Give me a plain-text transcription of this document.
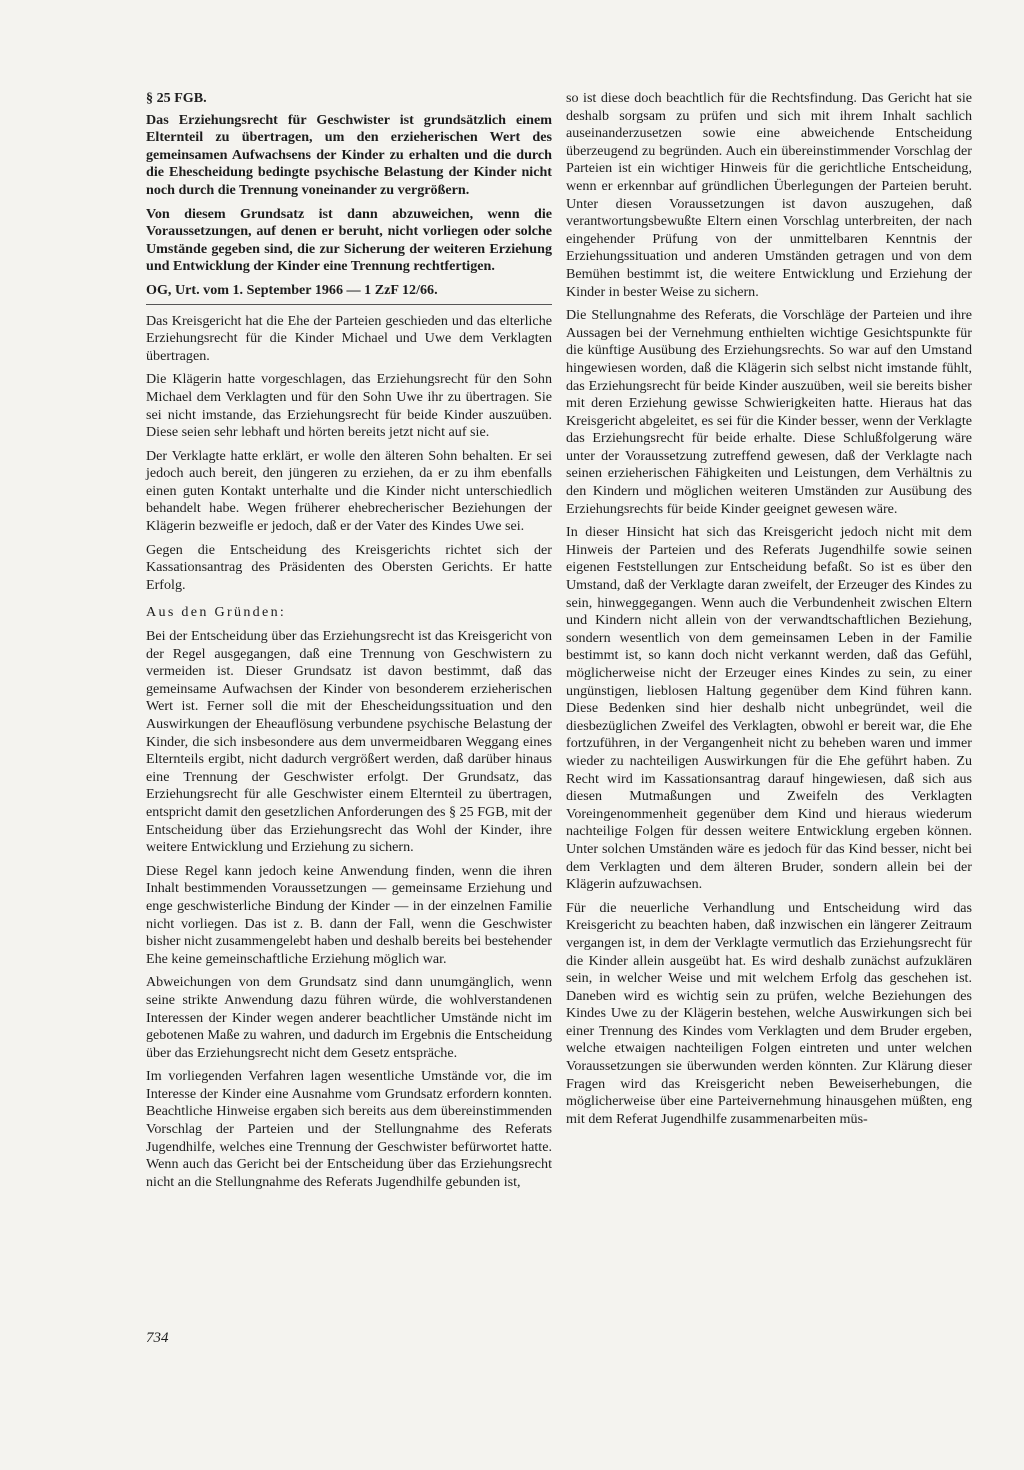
§ 25 FGB.

Das Erziehungsrecht für Geschwister ist grundsätzlich einem Elternteil zu übertragen, um den erzieherischen Wert des gemeinsamen Aufwachsens der Kinder zu erhalten und die durch die Ehescheidung bedingte psychische Belastung der Kinder nicht noch durch die Trennung voneinander zu vergrößern.

Von diesem Grundsatz ist dann abzuweichen, wenn die Voraussetzungen, auf denen er beruht, nicht vorliegen oder solche Umstände gegeben sind, die zur Sicherung der weiteren Erziehung und Entwicklung der Kinder eine Trennung rechtfertigen.

OG, Urt. vom 1. September 1966 — 1 ZzF 12/66.

Das Kreisgericht hat die Ehe der Parteien geschieden und das elterliche Erziehungsrecht für die Kinder Michael und Uwe dem Verklagten übertragen.

Die Klägerin hatte vorgeschlagen, das Erziehungsrecht für den Sohn Michael dem Verklagten und für den Sohn Uwe ihr zu übertragen. Sie sei nicht imstande, das Erziehungsrecht für beide Kinder auszuüben. Diese seien sehr lebhaft und hörten bereits jetzt nicht auf sie.

Der Verklagte hatte erklärt, er wolle den älteren Sohn behalten. Er sei jedoch auch bereit, den jüngeren zu erziehen, da er zu ihm ebenfalls einen guten Kontakt unterhalte und die Kinder nicht unterschiedlich behandelt habe. Wegen früherer ehebrecherischer Beziehungen der Klägerin bezweifle er jedoch, daß er der Vater des Kindes Uwe sei.

Gegen die Entscheidung des Kreisgerichts richtet sich der Kassationsantrag des Präsidenten des Obersten Gerichts. Er hatte Erfolg.

Aus den Gründen:

Bei der Entscheidung über das Erziehungsrecht ist das Kreisgericht von der Regel ausgegangen, daß eine Trennung von Geschwistern zu vermeiden ist. Dieser Grundsatz ist davon bestimmt, daß das gemeinsame Aufwachsen der Kinder von besonderem erzieherischen Wert ist. Ferner soll die mit der Ehescheidungssituation und den Auswirkungen der Eheauflösung verbundene psychische Belastung der Kinder, die sich insbesondere aus dem unvermeidbaren Weggang eines Elternteils ergibt, nicht dadurch vergrößert werden, daß darüber hinaus eine Trennung der Geschwister erfolgt. Der Grundsatz, das Erziehungsrecht für alle Geschwister einem Elternteil zu übertragen, entspricht damit den gesetzlichen Anforderungen des § 25 FGB, mit der Entscheidung über das Erziehungsrecht das Wohl der Kinder, ihre weitere Entwicklung und Erziehung zu sichern.

Diese Regel kann jedoch keine Anwendung finden, wenn die ihren Inhalt bestimmenden Voraussetzungen — gemeinsame Erziehung und enge geschwisterliche Bindung der Kinder — in der einzelnen Familie nicht vorliegen. Das ist z. B. dann der Fall, wenn die Geschwister bisher nicht zusammengelebt haben und deshalb bereits bei bestehender Ehe keine gemeinschaftliche Erziehung möglich war.

Abweichungen von dem Grundsatz sind dann unumgänglich, wenn seine strikte Anwendung dazu führen würde, die wohlverstandenen Interessen der Kinder wegen anderer beachtlicher Umstände nicht im gebotenen Maße zu wahren, und dadurch im Ergebnis die Entscheidung über das Erziehungsrecht nicht dem Gesetz entspräche.

Im vorliegenden Verfahren lagen wesentliche Umstände vor, die im Interesse der Kinder eine Ausnahme vom Grundsatz erfordern konnten. Beachtliche Hinweise ergaben sich bereits aus dem übereinstimmenden Vorschlag der Parteien und der Stellungnahme des Referats Jugendhilfe, welches eine Trennung der Geschwister befürwortet hatte. Wenn auch das Gericht bei der Entscheidung über das Erziehungsrecht nicht an die Stellungnahme des Referats Jugendhilfe gebunden ist,

so ist diese doch beachtlich für die Rechtsfindung. Das Gericht hat sie deshalb sorgsam zu prüfen und sich mit ihrem Inhalt sachlich auseinanderzusetzen sowie eine abweichende Entscheidung überzeugend zu begründen. Auch ein übereinstimmender Vorschlag der Parteien ist ein wichtiger Hinweis für die gerichtliche Entscheidung, wenn er erkennbar auf gründlichen Überlegungen der Parteien beruht. Unter diesen Voraussetzungen ist davon auszugehen, daß verantwortungsbewußte Eltern einen Vorschlag unterbreiten, der nach eingehender Prüfung von der unmittelbaren Kenntnis der Erziehungssituation und anderen Umständen getragen und von dem Bemühen bestimmt ist, die weitere Entwicklung und Erziehung der Kinder in bester Weise zu sichern.

Die Stellungnahme des Referats, die Vorschläge der Parteien und ihre Aussagen bei der Vernehmung enthielten wichtige Gesichtspunkte für die künftige Ausübung des Erziehungsrechts. So war auf den Umstand hingewiesen worden, daß die Klägerin sich selbst nicht imstande fühlt, das Erziehungsrecht für beide Kinder auszuüben, weil sie bereits bisher mit deren Erziehung gewisse Schwierigkeiten hatte. Hieraus hat das Kreisgericht abgeleitet, es sei für die Kinder besser, wenn der Verklagte das Erziehungsrecht für beide erhalte. Diese Schlußfolgerung wäre unter der Voraussetzung zutreffend gewesen, daß der Verklagte nach seinen erzieherischen Fähigkeiten und Leistungen, dem Verhältnis zu den Kindern und möglichen weiteren Umständen zur Ausübung des Erziehungsrechts für beide Kinder geeignet gewesen wäre.

In dieser Hinsicht hat sich das Kreisgericht jedoch nicht mit dem Hinweis der Parteien und des Referats Jugendhilfe sowie seinen eigenen Feststellungen zur Entscheidung befaßt. So ist es über den Umstand, daß der Verklagte daran zweifelt, der Erzeuger des Kindes zu sein, hinweggegangen. Wenn auch die Verbundenheit zwischen Eltern und Kindern nicht allein von der verwandtschaftlichen Beziehung, sondern wesentlich von dem gemeinsamen Leben in der Familie bestimmt ist, so kann doch nicht verkannt werden, daß das Gefühl, möglicherweise nicht der Erzeuger eines Kindes zu sein, zu einer ungünstigen, lieblosen Haltung gegenüber dem Kind führen kann. Diese Bedenken sind hier deshalb nicht unbegründet, weil die diesbezüglichen Zweifel des Verklagten, obwohl er bereit war, die Ehe fortzuführen, in der Vergangenheit nicht zu beheben waren und immer wieder zu nachteiligen Auswirkungen für die Ehe geführt haben. Zu Recht wird im Kassationsantrag darauf hingewiesen, daß sich aus diesen Mutmaßungen und Zweifeln des Verklagten Voreingenommenheit gegenüber dem Kind und hieraus wiederum nachteilige Folgen für dessen weitere Entwicklung ergeben können. Unter solchen Umständen wäre es jedoch für das Kind besser, nicht bei dem Verklagten und dem älteren Bruder, sondern allein bei der Klägerin aufzuwachsen.

Für die neuerliche Verhandlung und Entscheidung wird das Kreisgericht zu beachten haben, daß inzwischen ein längerer Zeitraum vergangen ist, in dem der Verklagte vermutlich das Erziehungsrecht für die Kinder allein ausgeübt hat. Es wird deshalb zunächst aufzuklären sein, in welcher Weise und mit welchem Erfolg das geschehen ist. Daneben wird es wichtig sein zu prüfen, welche Beziehungen des Kindes Uwe zu der Klägerin bestehen, welche Auswirkungen sich bei einer Trennung des Kindes vom Verklagten und dem Bruder ergeben, welche etwaigen nachteiligen Folgen eintreten und unter welchen Voraussetzungen sie überwunden werden könnten. Zur Klärung dieser Fragen wird das Kreisgericht neben Beweiserhebungen, die möglicherweise über eine Parteivernehmung hinausgehen müßten, eng mit dem Referat Jugendhilfe zusammenarbeiten müs-

734
